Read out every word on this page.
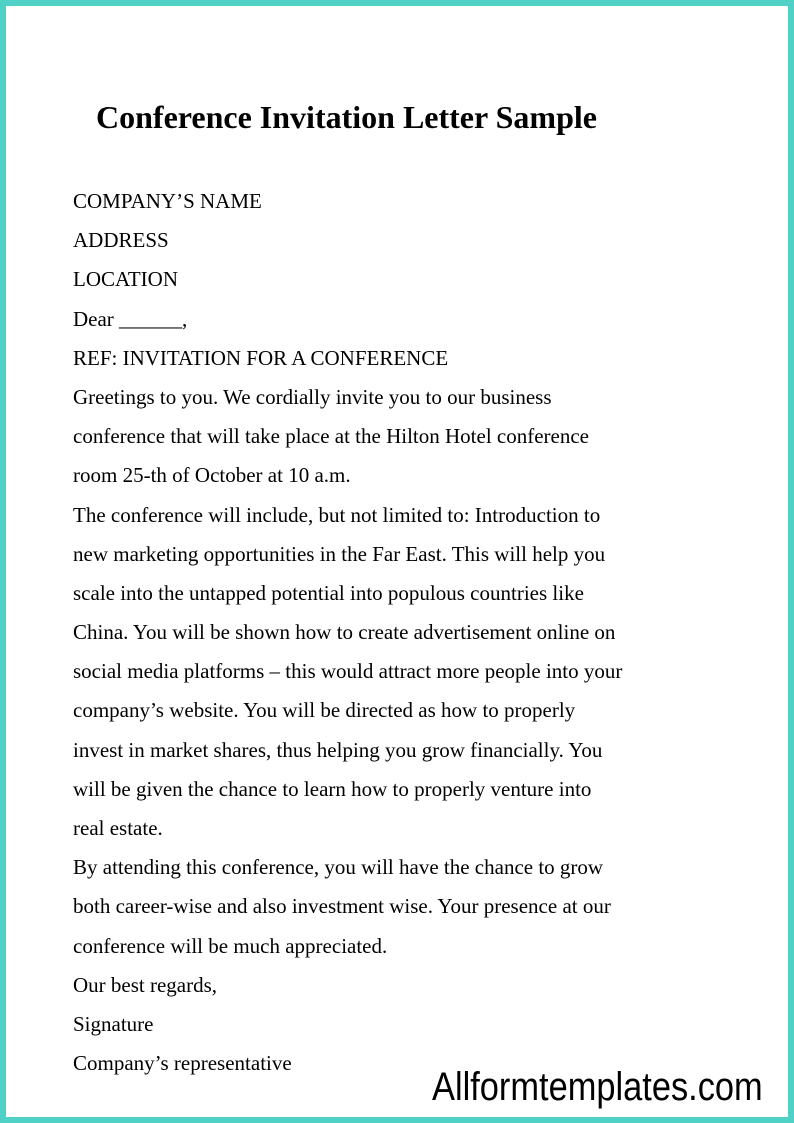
Conference Invitation Letter Sample
COMPANY’S NAME
ADDRESS
LOCATION
Dear ______,
REF: INVITATION FOR A CONFERENCE
Greetings to you. We cordially invite you to our business
conference that will take place at the Hilton Hotel conference
room 25-th of October at 10 a.m.
The conference will include, but not limited to: Introduction to
new marketing opportunities in the Far East. This will help you
scale into the untapped potential into populous countries like
China. You will be shown how to create advertisement online on
social media platforms – this would attract more people into your
company’s website. You will be directed as how to properly
invest in market shares, thus helping you grow financially. You
will be given the chance to learn how to properly venture into
real estate.
By attending this conference, you will have the chance to grow
both career-wise and also investment wise. Your presence at our
conference will be much appreciated.
Our best regards,
Signature
Company’s representative
Allformtemplates.com
